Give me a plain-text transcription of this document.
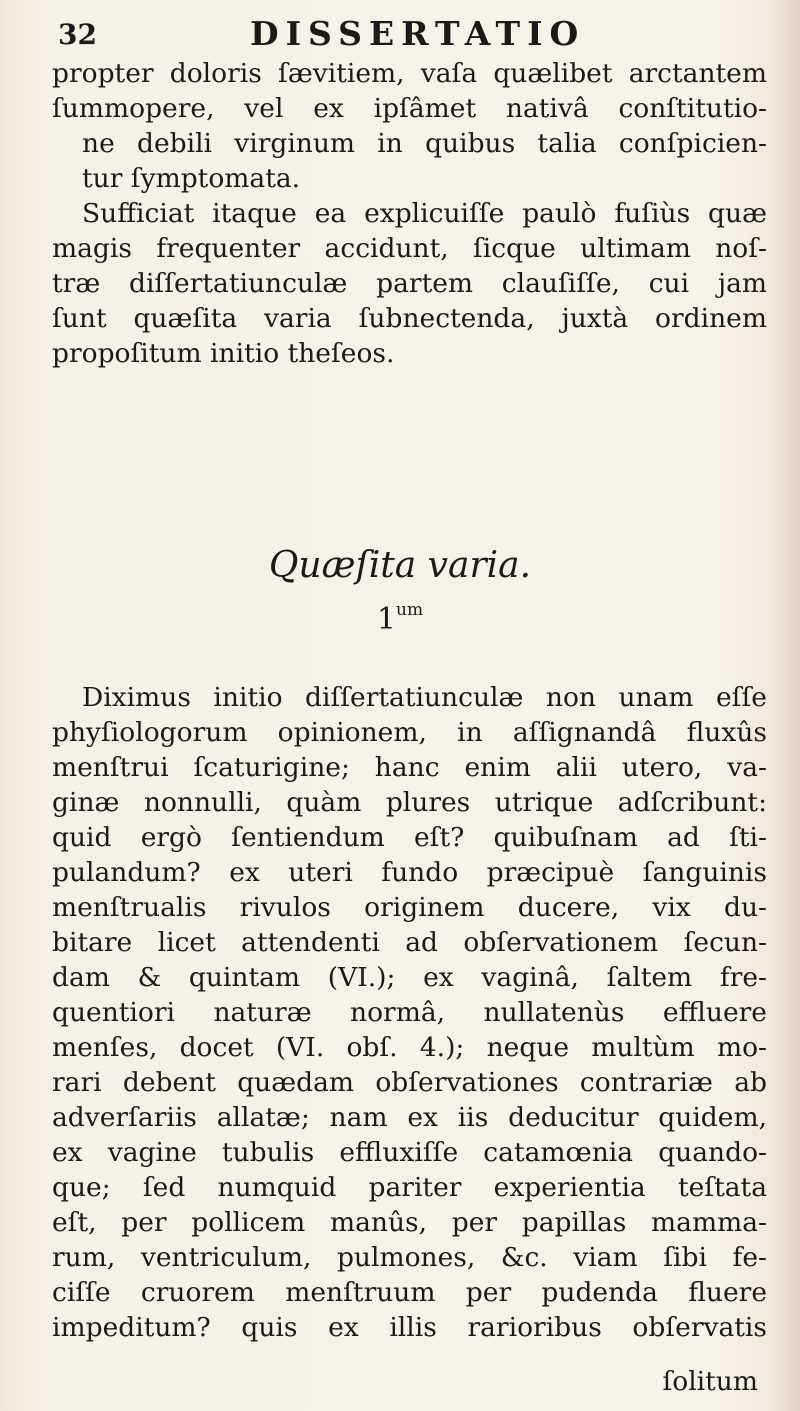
32	DISSERTATIO
propter doloris ſævitiem, vaſa quælibet arctantem
ſummopere, vel ex ipſâmet nativâ conſtitutio-
ne debili virginum in quibus talia conſpicien-
tur ſymptomata.
Sufficiat itaque ea explicuiſſe paulò fuſiùs quæ
magis frequenter accidunt, ſicque ultimam noſ-
træ diſſertatiunculæ partem clauſiſſe, cui jam
ſunt quæſita varia ſubnectenda, juxtà ordinem
propoſitum initio theſeos.
Quæſita varia.
$1^{um}$
Diximus initio diſſertatiunculæ non unam eſſe
phyſiologorum opinionem, in aſſignandâ fluxûs
menſtrui ſcaturigine; hanc enim alii utero, va-
ginæ nonnulli, quàm plures utrique adſcribunt:
quid ergò ſentiendum eſt? quibuſnam ad ſti-
pulandum? ex uteri fundo præcipuè ſanguinis
menſtrualis rivulos originem ducere, vix du-
bitare licet attendenti ad obſervationem ſecun-
dam & quintam (VI.); ex vaginâ, ſaltem fre-
quentiori naturæ normâ, nullatenùs effluere
menſes, docet (VI. obſ. 4.); neque multùm mo-
rari debent quædam obſervationes contrariæ ab
adverſariis allatæ; nam ex iis deducitur quidem,
ex vagine tubulis effluxiſſe catamœnia quando-
que; ſed numquid pariter experientia teſtata
eſt, per pollicem manûs, per papillas mamma-
rum, ventriculum, pulmones, &c. viam ſibi fe-
ciſſe cruorem menſtruum per pudenda fluere
impeditum? quis ex illis rarioribus obſervatis
ſolitum
